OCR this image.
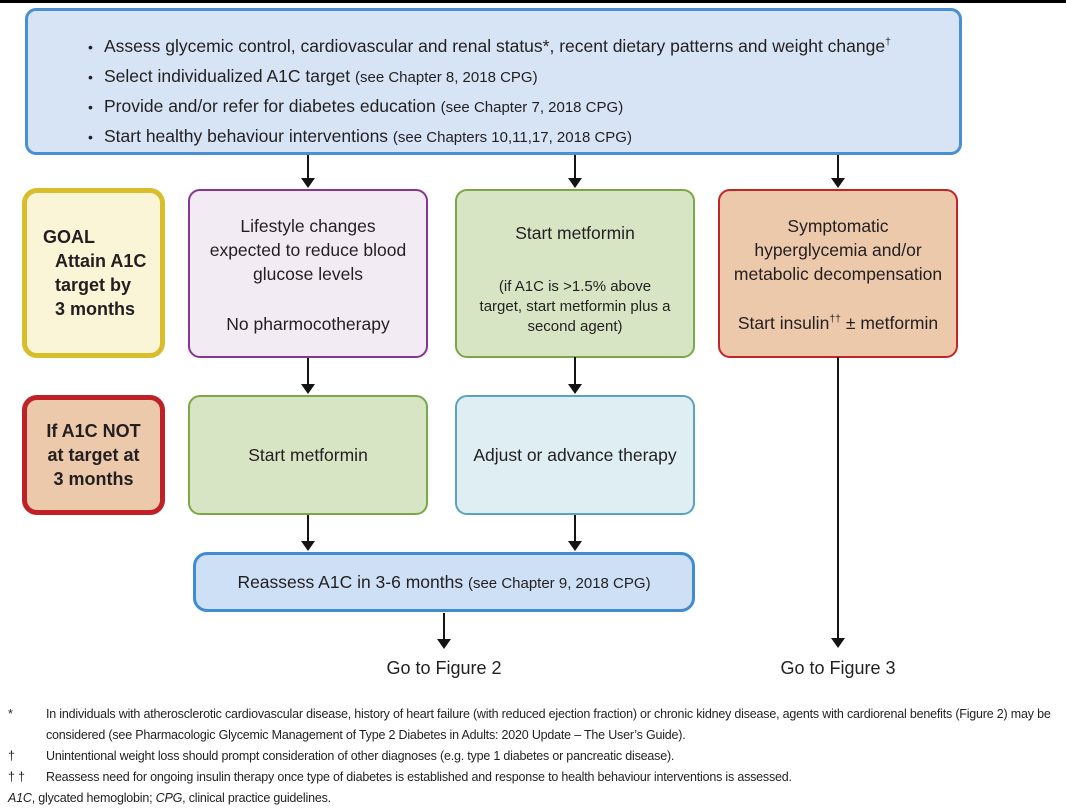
•
Assess glycemic control, cardiovascular and renal status*, recent dietary patterns and weight change†
•
Select individualized A1C target (see Chapter 8, 2018 CPG)
•
Provide and/or refer for diabetes education (see Chapter 7, 2018 CPG)
•
Start healthy behaviour interventions (see Chapters 10,11,17, 2018 CPG)
GOAL
Attain A1C
target by
3 months
Lifestyle changes
expected to reduce blood
glucose levels
No pharmocotherapy
Start metformin
(if A1C is >1.5% above
target, start metformin plus a
second agent)
Symptomatic
hyperglycemia and/or
metabolic decompensation
Start insulin†† ± metformin
If A1C NOT
at target at
3 months
Start metformin	Adjust or advance therapy
Reassess A1C in 3-6 months (see Chapter 9, 2018 CPG)
Go to Figure 2	Go to Figure 3
*	In individuals with atherosclerotic cardiovascular disease, history of heart failure (with reduced ejection fraction) or chronic kidney disease, agents with cardiorenal benefits (Figure 2) may be considered (see Pharmacologic Glycemic Management of Type 2 Diabetes in Adults: 2020 Update – The User’s Guide).
†	Unintentional weight loss should prompt consideration of other diagnoses (e.g. type 1 diabetes or pancreatic disease).
† †	Reassess need for ongoing insulin therapy once type of diabetes is established and response to health behaviour interventions is assessed.
A1C, glycated hemoglobin; CPG, clinical practice guidelines.
